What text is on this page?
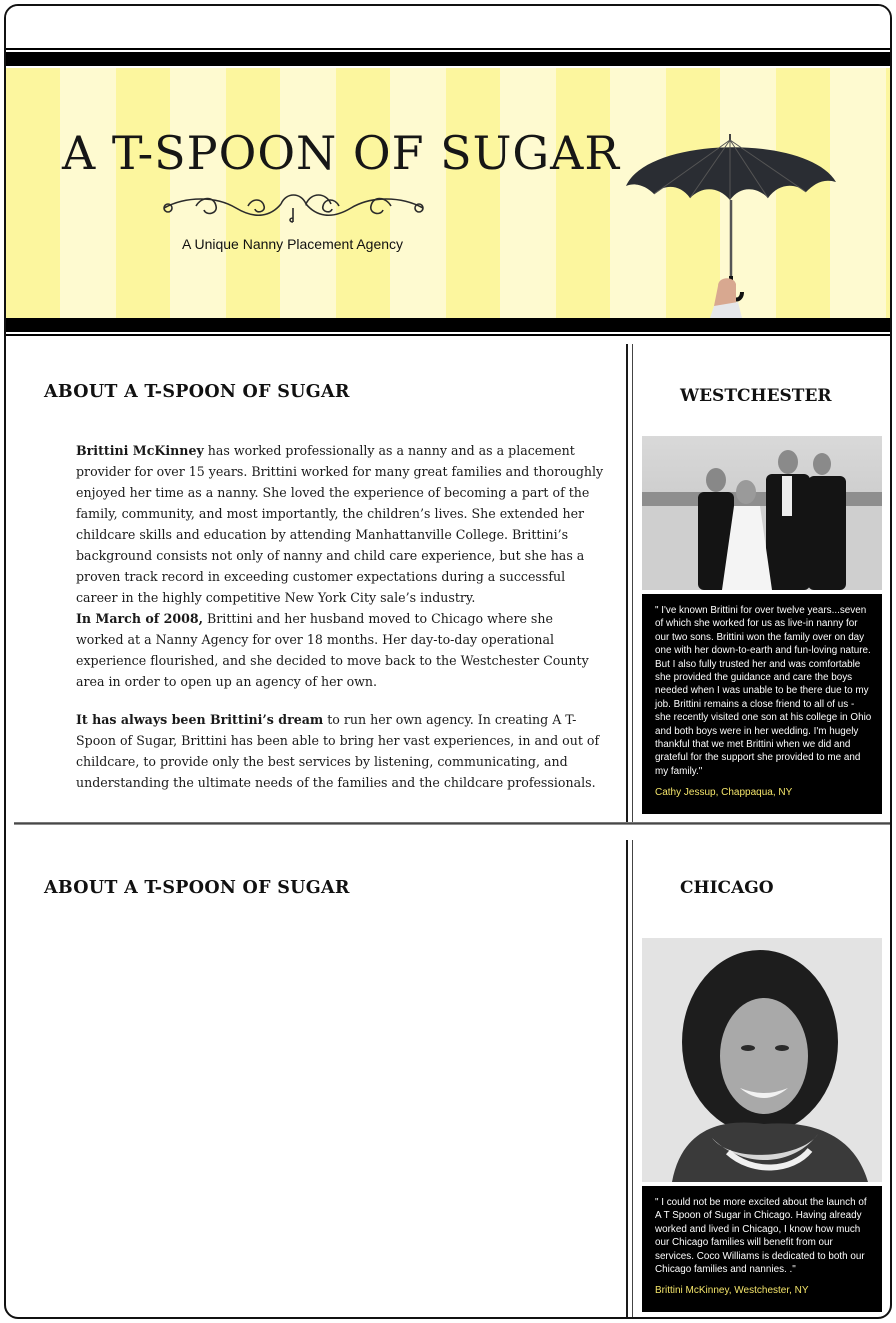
A T-SPOON OF SUGAR
A Unique Nanny Placement Agency
ABOUT A T-SPOON OF SUGAR
Brittini McKinney has worked professionally as a nanny and as a placement provider for over 15 years. Brittini worked for many great families and thoroughly enjoyed her time as a nanny. She loved the experience of becoming a part of the family, community, and most importantly, the children’s lives. She extended her childcare skills and education by attending Manhattanville College. Brittini’s background consists not only of nanny and child care experience, but she has a proven track record in exceeding customer expectations during a successful career in the highly competitive New York City sale’s industry.
In March of 2008, Brittini and her husband moved to Chicago where she worked at a Nanny Agency for over 18 months. Her day-to-day operational experience flourished, and she decided to move back to the Westchester County area in order to open up an agency of her own.
It has always been Brittini’s dream to run her own agency. In creating A T-Spoon of Sugar, Brittini has been able to bring her vast experiences, in and out of childcare, to provide only the best services by listening, communicating, and understanding the ultimate needs of the families and the childcare professionals.
WESTCHESTER
" I've known Brittini for over twelve years...seven of which she worked for us as live-in nanny for our two sons. Brittini won the family over on day one with her down-to-earth and fun-loving nature. But I also fully trusted her and was comfortable she provided the guidance and care the boys needed when I was unable to be there due to my job. Brittini remains a close friend to all of us - she recently visited one son at his college in Ohio and both boys were in her wedding. I'm hugely thankful that we met Brittini when we did and grateful for the support she provided to me and my family."
Cathy Jessup, Chappaqua, NY
ABOUT A T-SPOON OF SUGAR	CHICAGO
" I could not be more excited about the launch of A T Spoon of Sugar in Chicago. Having already worked and lived in Chicago, I know how much our Chicago families will benefit from our services. Coco Williams is dedicated to both our Chicago families and nannies. ."
Brittini McKinney, Westchester, NY
